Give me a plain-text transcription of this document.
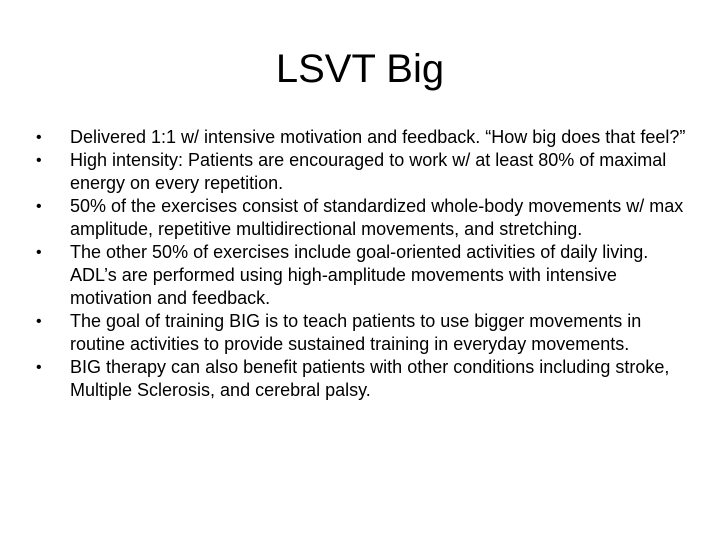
LSVT Big
•	Delivered 1:1 w/ intensive motivation and feedback. “How big does that feel?”
•	High intensity: Patients are encouraged to work w/ at least 80% of maximal energy on every repetition.
•	50% of the exercises consist of standardized whole-body movements w/ max amplitude, repetitive multidirectional movements, and stretching.
•	The other 50% of exercises include goal-oriented activities of daily living. ADL’s are performed using high-amplitude movements with intensive motivation and feedback.
•	The goal of training BIG is to teach patients to use bigger movements in routine activities to provide sustained training in everyday movements.
•	BIG therapy can also benefit patients with other conditions including stroke, Multiple Sclerosis, and cerebral palsy.
